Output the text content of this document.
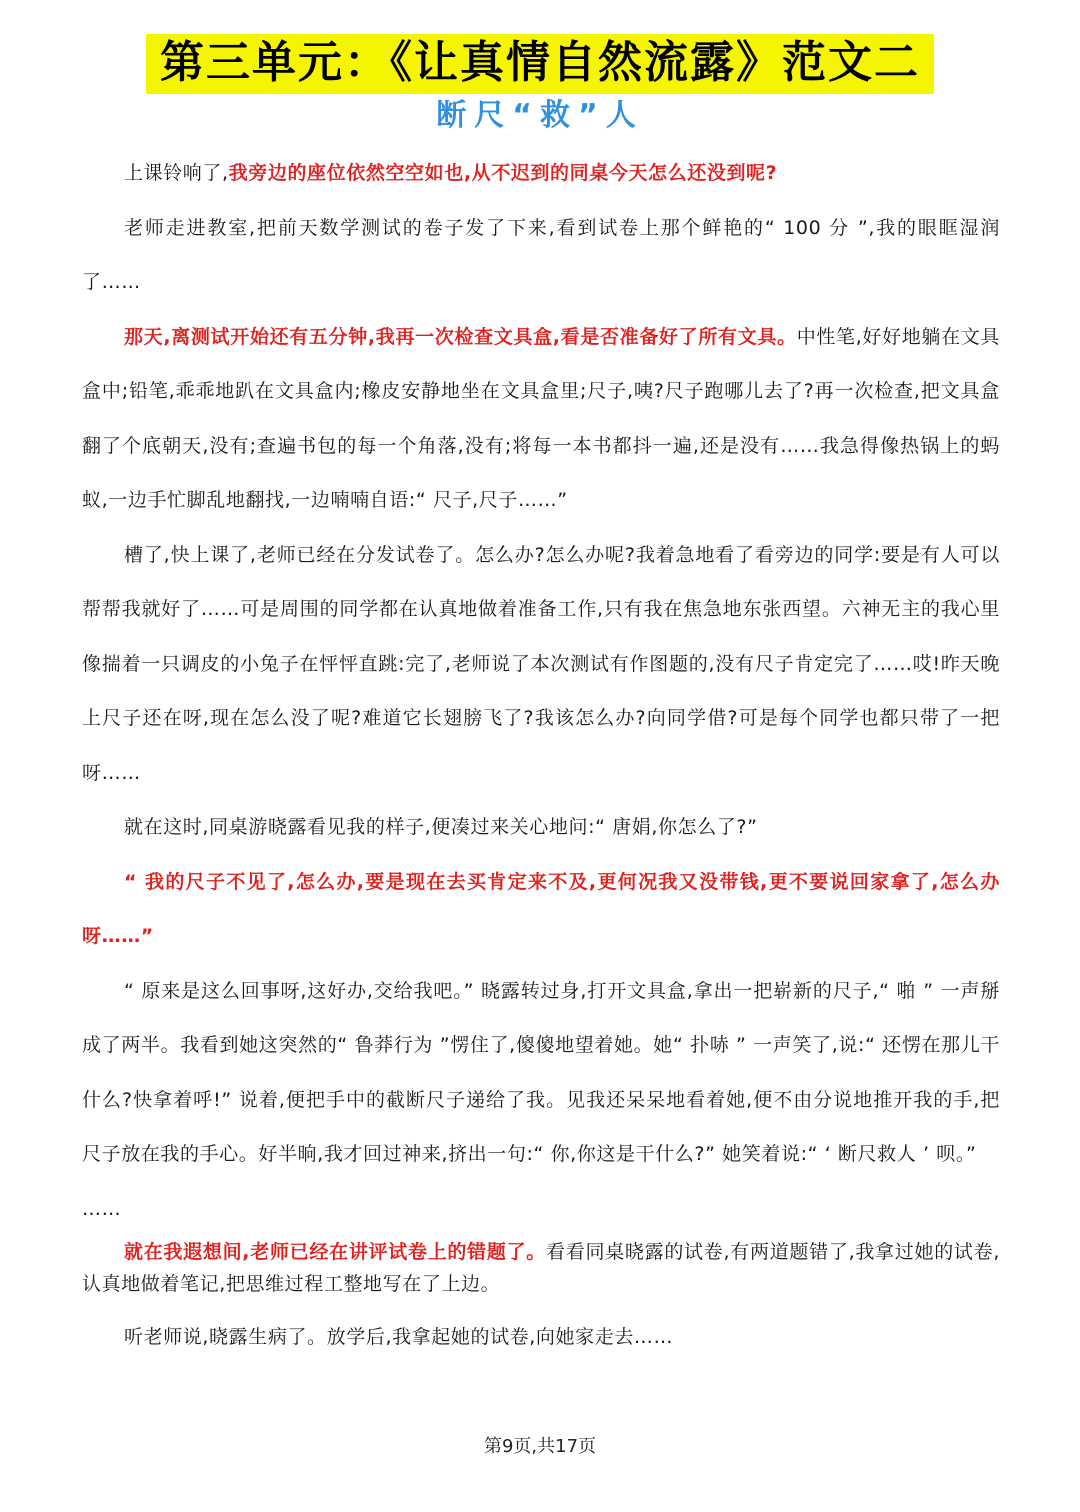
第三单元：《让真情自然流露》范文二
断尺“救”人

上课铃响了,我旁边的座位依然空空如也,从不迟到的同桌今天怎么还没到呢?

老师走进教室,把前天数学测试的卷子发了下来,看到试卷上那个鲜艳的“ 100 分 ”,我的眼眶湿润了……

那天,离测试开始还有五分钟,我再一次检查文具盒,看是否准备好了所有文具。中性笔,好好地躺在文具盒中;铅笔,乖乖地趴在文具盒内;橡皮安静地坐在文具盒里;尺子,咦?尺子跑哪儿去了?再一次检查,把文具盒翻了个底朝天,没有;查遍书包的每一个角落,没有;将每一本书都抖一遍,还是没有……我急得像热锅上的蚂蚁,一边手忙脚乱地翻找,一边喃喃自语:“ 尺子,尺子……”

槽了,快上课了,老师已经在分发试卷了。怎么办?怎么办呢?我着急地看了看旁边的同学:要是有人可以帮帮我就好了……可是周围的同学都在认真地做着准备工作,只有我在焦急地东张西望。六神无主的我心里像揣着一只调皮的小兔子在怦怦直跳:完了,老师说了本次测试有作图题的,没有尺子肯定完了……哎!昨天晚上尺子还在呀,现在怎么没了呢?难道它长翅膀飞了?我该怎么办?向同学借?可是每个同学也都只带了一把呀……

就在这时,同桌游晓露看见我的样子,便凑过来关心地问:“ 唐娟,你怎么了?”

“ 我的尺子不见了,怎么办,要是现在去买肯定来不及,更何况我又没带钱,更不要说回家拿了,怎么办呀……”

“ 原来是这么回事呀,这好办,交给我吧。” 晓露转过身,打开文具盒,拿出一把崭新的尺子,“ 啪 ” 一声掰成了两半。我看到她这突然的“ 鲁莽行为 ”愣住了,傻傻地望着她。她“ 扑哧 ” 一声笑了,说:“ 还愣在那儿干什么?快拿着呼!” 说着,便把手中的截断尺子递给了我。见我还呆呆地看着她,便不由分说地推开我的手,把尺子放在我的手心。好半晌,我才回过神来,挤出一句:“ 你,你这是干什么?” 她笑着说:“ ‘ 断尺救人 ’ 呗。”

……

就在我遐想间,老师已经在讲评试卷上的错题了。看看同桌晓露的试卷,有两道题错了,我拿过她的试卷,认真地做着笔记,把思维过程工整地写在了上边。

听老师说,晓露生病了。放学后,我拿起她的试卷,向她家走去……

第9页,共17页
